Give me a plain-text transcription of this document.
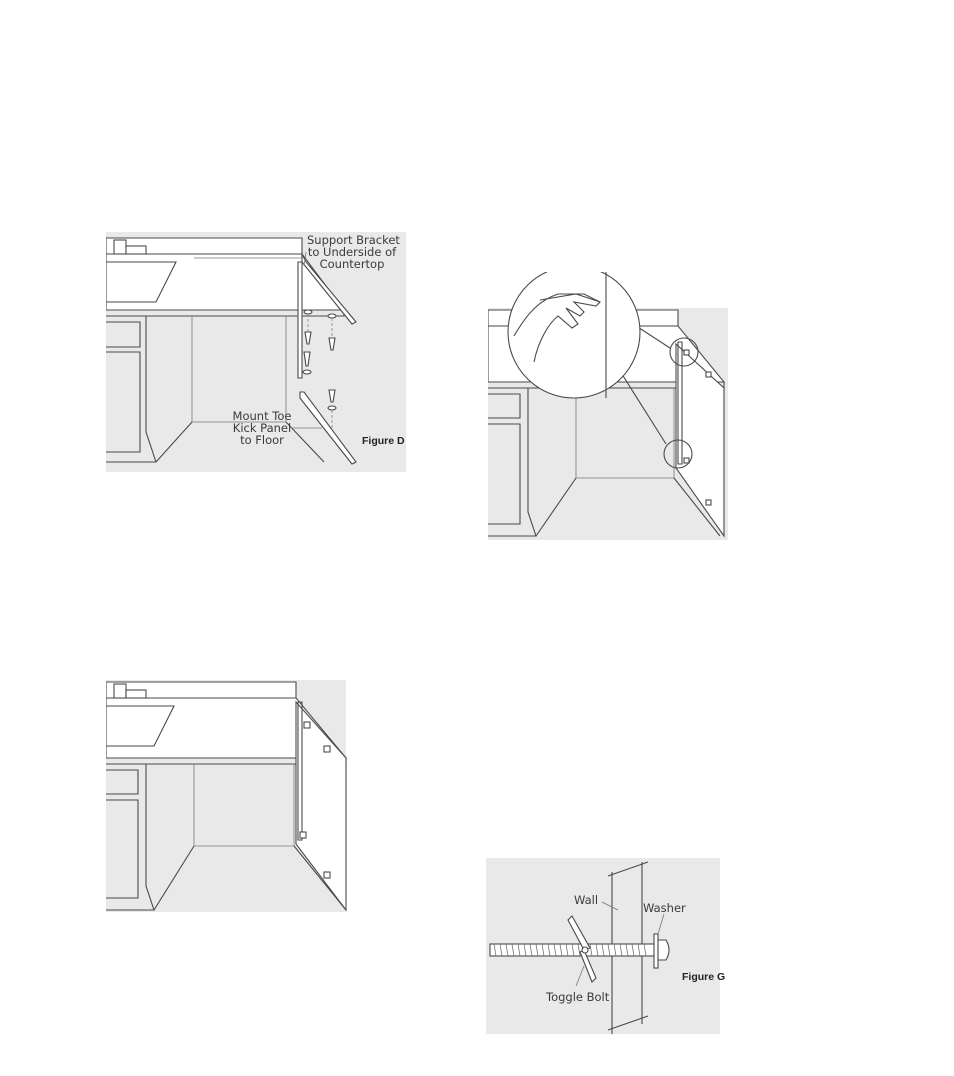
Support Bracket
to Underside of
Countertop
Mount Toe
Kick Panel
to Floor	Figure D
Wall
Washer
Toggle Bolt
Figure G
